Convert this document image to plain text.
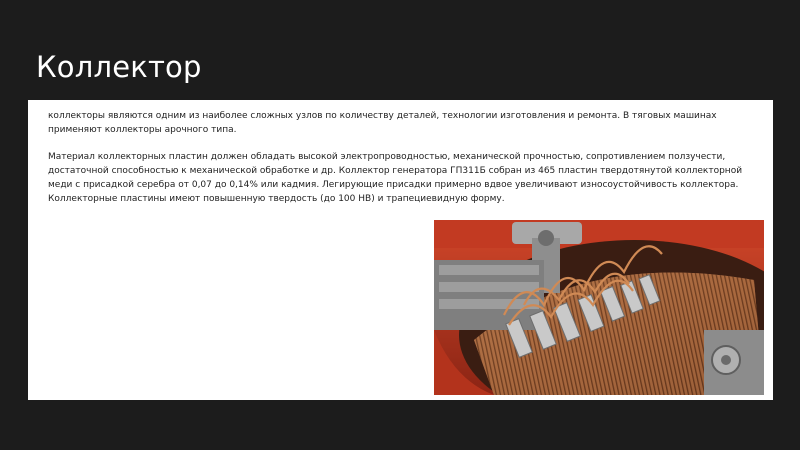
Коллектор

коллекторы являются одним из наиболее сложных узлов по количеству деталей, технологии изготовления и ремонта. В тяговых машинах применяют коллекторы арочного типа.

Материал коллекторных пластин должен обладать высокой электропроводностью, механической прочностью, сопротивлением ползучести, достаточной способностью к механической обработке и др. Коллектор генератора ГП311Б собран из 465 пластин твердотянутой коллекторной меди с присадкой серебра от 0,07 до 0,14% или кадмия. Легирующие присадки примерно вдвое увеличивают износоустойчивость коллектора. Коллекторные пластины имеют повышенную твердость (до 100 НВ) и трапециевидную форму.
